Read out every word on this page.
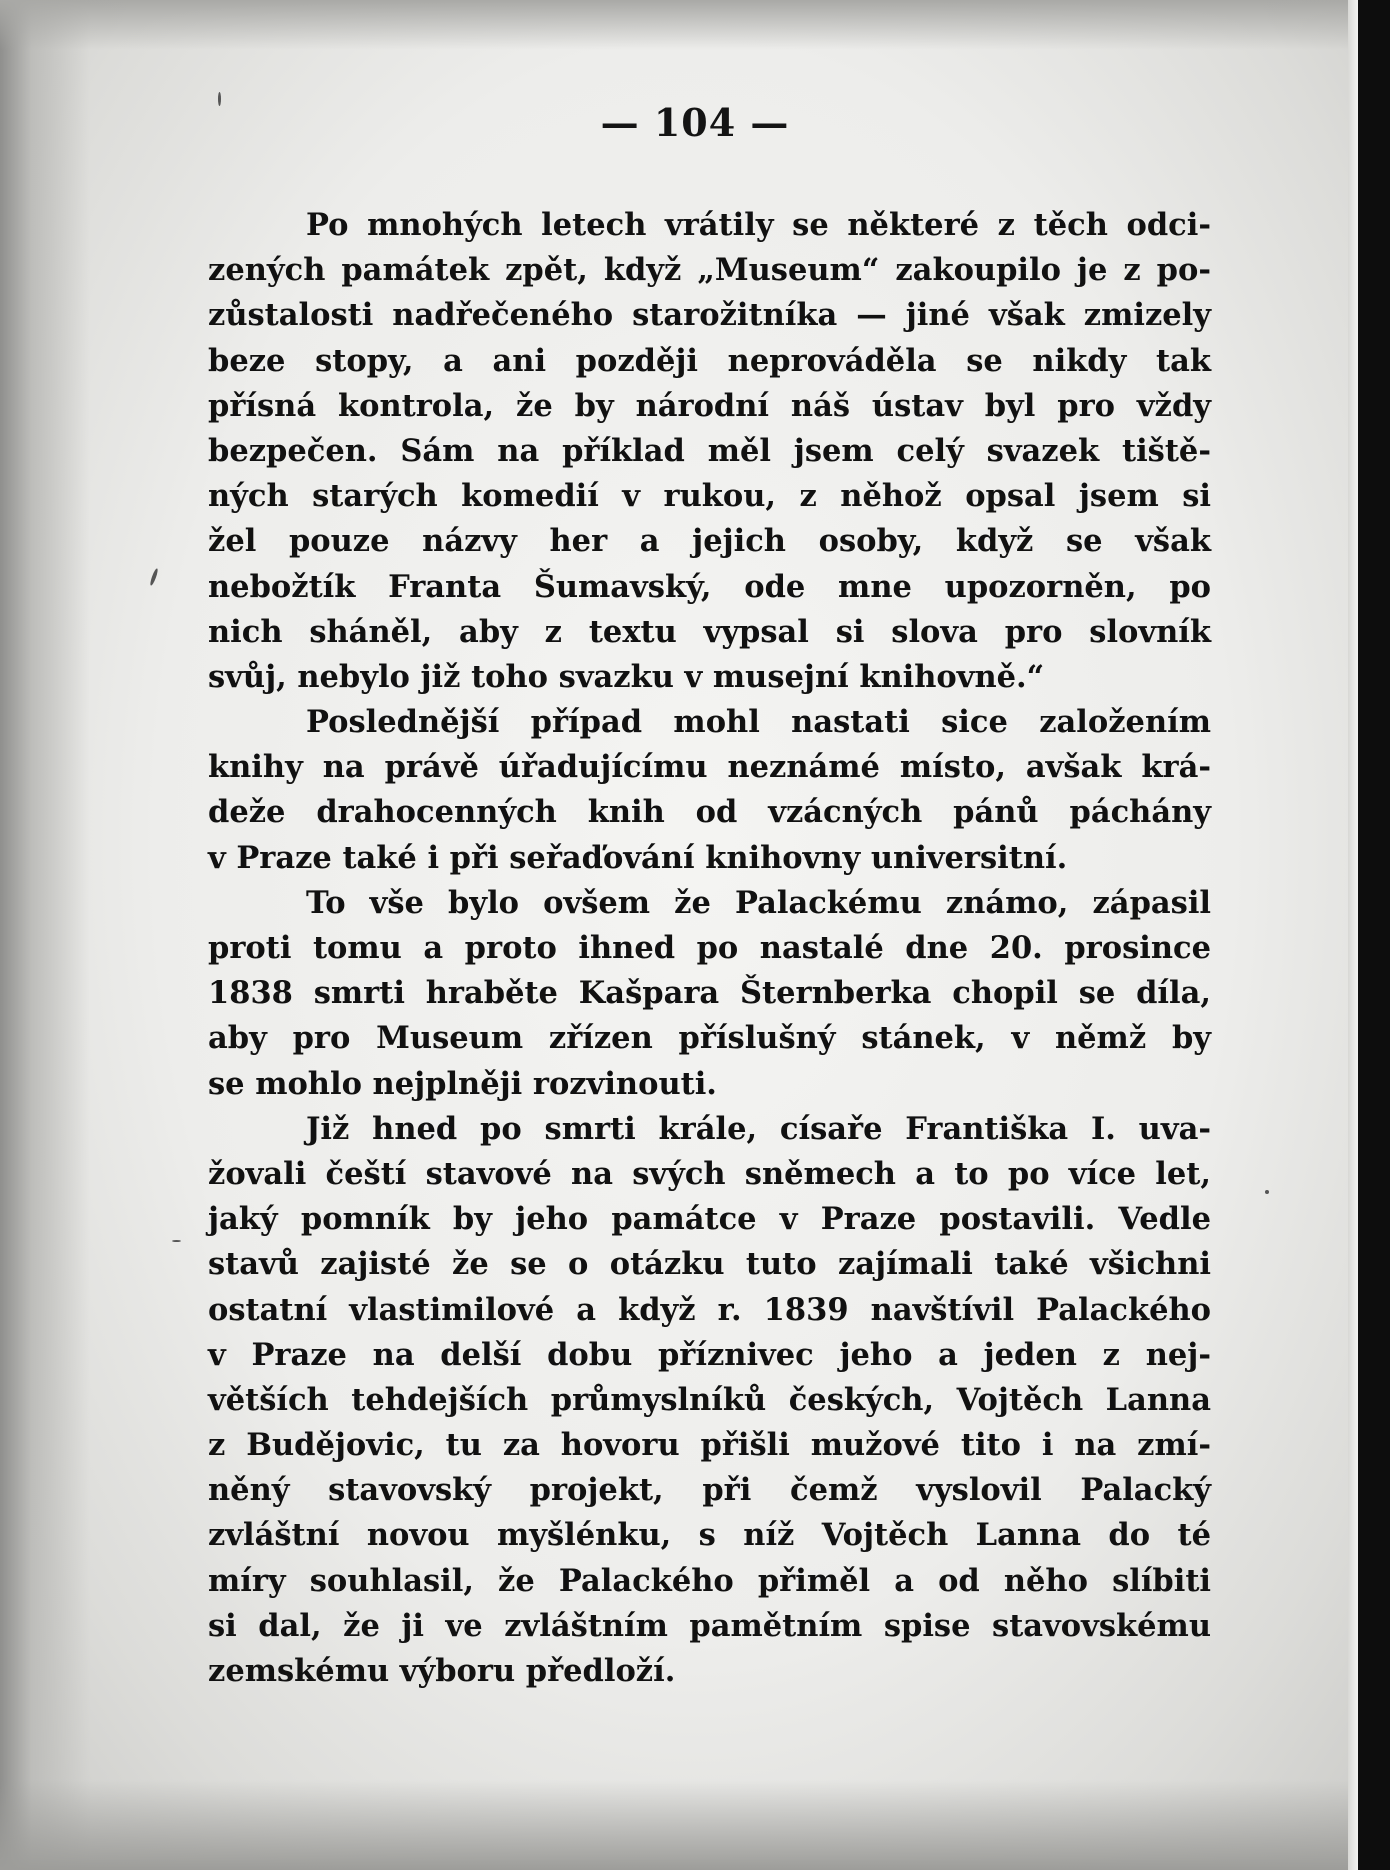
— 104 —
Po mnohých letech vrátily se některé z těch odci-
zených památek zpět, když „Museum“ zakoupilo je z po-
zůstalosti nadřečeného starožitníka — jiné však zmizely
beze stopy, a ani později neprováděla se nikdy tak
přísná kontrola, že by národní náš ústav byl pro vždy
bezpečen. Sám na příklad měl jsem celý svazek tiště-
ných starých komedií v rukou, z něhož opsal jsem si
žel pouze názvy her a jejich osoby, když se však
nebožtík Franta Šumavský, ode mne upozorněn, po
nich sháněl, aby z textu vypsal si slova pro slovník
svůj, nebylo již toho svazku v musejní knihovně.“
Poslednější případ mohl nastati sice založením
knihy na právě úřadujícímu neznámé místo, avšak krá-
deže drahocenných knih od vzácných pánů páchány
v Praze také i při seřaďování knihovny universitní.
To vše bylo ovšem že Palackému známo, zápasil
proti tomu a proto ihned po nastalé dne 20. prosince
1838 smrti hraběte Kašpara Šternberka chopil se díla,
aby pro Museum zřízen příslušný stánek, v němž by
se mohlo nejplněji rozvinouti.
Již hned po smrti krále, císaře Františka I. uva-
žovali čeští stavové na svých sněmech a to po více let,
jaký pomník by jeho památce v Praze postavili. Vedle
stavů zajisté že se o otázku tuto zajímali také všichni
ostatní vlastimilové a když r. 1839 navštívil Palackého
v Praze na delší dobu příznivec jeho a jeden z nej-
větších tehdejších průmyslníků českých, Vojtěch Lanna
z Budějovic, tu za hovoru přišli mužové tito i na zmí-
něný stavovský projekt, při čemž vyslovil Palacký
zvláštní novou myšlénku, s níž Vojtěch Lanna do té
míry souhlasil, že Palackého přiměl a od něho slíbiti
si dal, že ji ve zvláštním pamětním spise stavovskému
zemskému výboru předloží.
